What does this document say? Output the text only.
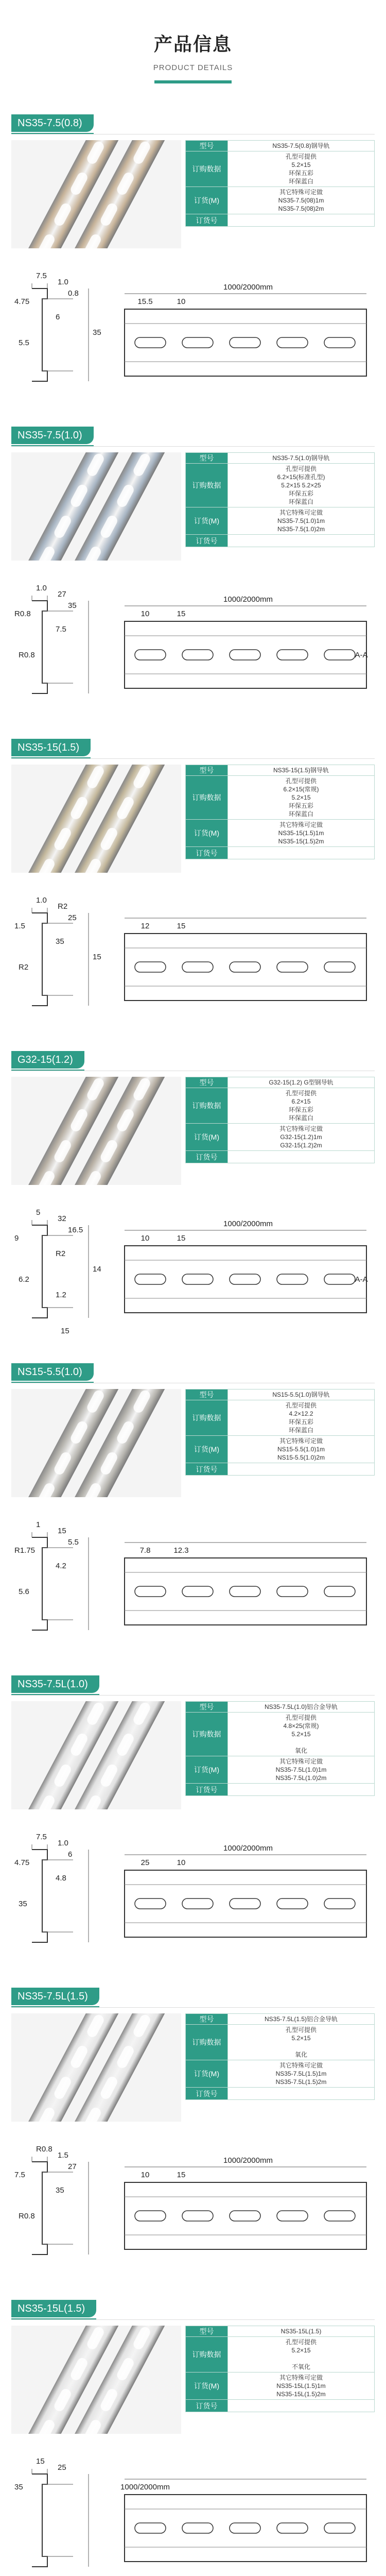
产品信息
PRODUCT DETAILS
NS35-7.5(0.8)
型号	NS35-7.5(0.8)钢导轨
订购数据	孔型可提供
5.2×15
环保五彩
环保蓝白

订货(M)	其它特殊可定做
NS35-7.5(08)1m
NS35-7.5(08)2m

订货号	
7.5
4.75
1.0
0.8
6
5.5
35
15.5	10
1000/2000mm
NS35-7.5(1.0)
型号	NS35-7.5(1.0)钢导轨
订购数据	孔型可提供
6.2×15(标准孔型)
5.2×15 5.2×25
环保五彩
环保蓝白

订货(M)	其它特殊可定做
NS35-7.5(1.0)1m
NS35-7.5(1.0)2m

订货号	
1.0
R0.8
27
35
7.5
R0.8
10	15
1000/2000mm
A-A
NS35-15(1.5)
型号	NS35-15(1.5)钢导轨
订购数据	孔型可提供
6.2×15(常规)
5.2×15
环保五彩
环保蓝白

订货(M)	其它特殊可定做
NS35-15(1.5)1m
NS35-15(1.5)2m

订货号	
1.0
1.5
R2
25
35
R2
15
12	15
G32-15(1.2)
型号	G32-15(1.2) G型钢导轨
订购数据	孔型可提供
6.2×15
环保五彩
环保蓝白

订货(M)	其它特殊可定做
G32-15(1.2)1m
G32-15(1.2)2m

订货号	
5
9
32
16.5
R2
6.2
14
1.2
15
10	15
1000/2000mm
A-A
NS15-5.5(1.0)
型号	NS15-5.5(1.0)钢导轨
订购数据	孔型可提供
4.2×12.2
环保五彩
环保蓝白

订货(M)	其它特殊可定做
NS15-5.5(1.0)1m
NS15-5.5(1.0)2m

订货号	
1
R1.75
15
5.5
4.2
5.6
7.8	12.3
NS35-7.5L(1.0)
型号	NS35-7.5L(1.0)铝合金导轨
订购数据	孔型可提供
4.8×25(常规)
5.2×15

氧化

订货(M)	其它特殊可定做
NS35-7.5L(1.0)1m
NS35-7.5L(1.0)2m

订货号	
7.5
4.75
1.0
6
4.8
35
25	10
1000/2000mm
NS35-7.5L(1.5)
型号	NS35-7.5L(1.5)铝合金导轨
订购数据	孔型可提供
5.2×15

氧化

订货(M)	其它特殊可定做
NS35-7.5L(1.5)1m
NS35-7.5L(1.5)2m

订货号	
R0.8
7.5
1.5
27
35
R0.8
10	15
1000/2000mm
NS35-15L(1.5)
型号	NS35-15L(1.5)
订购数据	孔型可提供
5.2×15

不氧化

订货(M)	其它特殊可定做
NS35-15L(1.5)1m
NS35-15L(1.5)2m

订货号	
15
35
25
1000/2000mm
